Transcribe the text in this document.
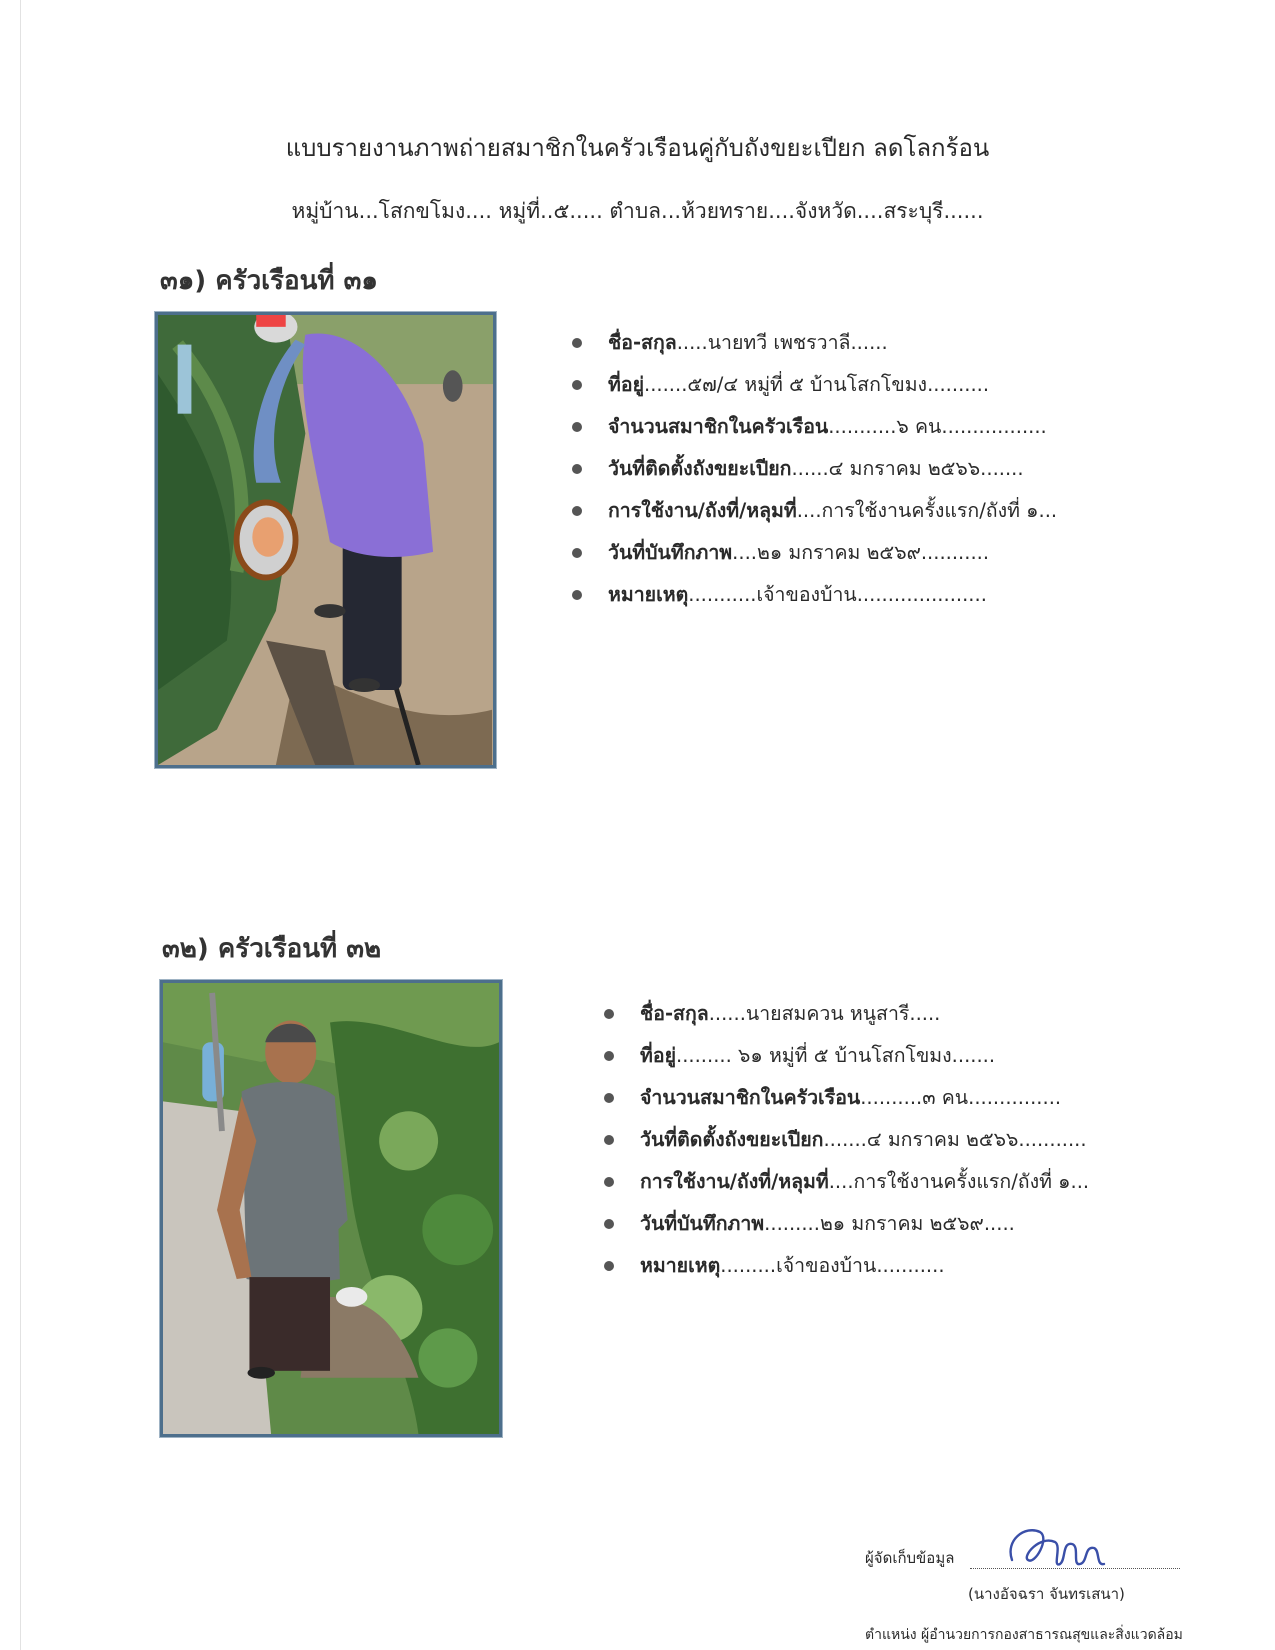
แบบรายงานภาพถ่ายสมาชิกในครัวเรือนคู่กับถังขยะเปียก ลดโลกร้อน
หมู่บ้าน...โสกขโมง.... หมู่ที่..๕..... ตำบล...ห้วยทราย....จังหวัด....สระบุรี......
๓๑) ครัวเรือนที่ ๓๑
ชื่อ-สกุล.....นายทวี เพชรวาลี......
ที่อยู่.......๕๗/๔ หมู่ที่ ๕ บ้านโสกโขมง..........
จำนวนสมาชิกในครัวเรือน...........๖ คน.................
วันที่ติดตั้งถังขยะเปียก......๔ มกราคม ๒๕๖๖.......
การใช้งาน/ถังที่/หลุมที่....การใช้งานครั้งแรก/ถังที่ ๑...
วันที่บันทึกภาพ....๒๑ มกราคม ๒๕๖๙...........
หมายเหตุ...........เจ้าของบ้าน.....................
๓๒) ครัวเรือนที่ ๓๒
ชื่อ-สกุล......นายสมควน หนูสารี.....
ที่อยู่......... ๖๑ หมู่ที่ ๕ บ้านโสกโขมง.......
จำนวนสมาชิกในครัวเรือน..........๓ คน...............
วันที่ติดตั้งถังขยะเปียก.......๔ มกราคม ๒๕๖๖...........
การใช้งาน/ถังที่/หลุมที่....การใช้งานครั้งแรก/ถังที่ ๑...
วันที่บันทึกภาพ.........๒๑ มกราคม ๒๕๖๙.....
หมายเหตุ.........เจ้าของบ้าน...........
ผู้จัดเก็บข้อมูล
(นางอัจฉรา จันทรเสนา)
ตำแหน่ง ผู้อำนวยการกองสาธารณสุขและสิ่งแวดล้อม
